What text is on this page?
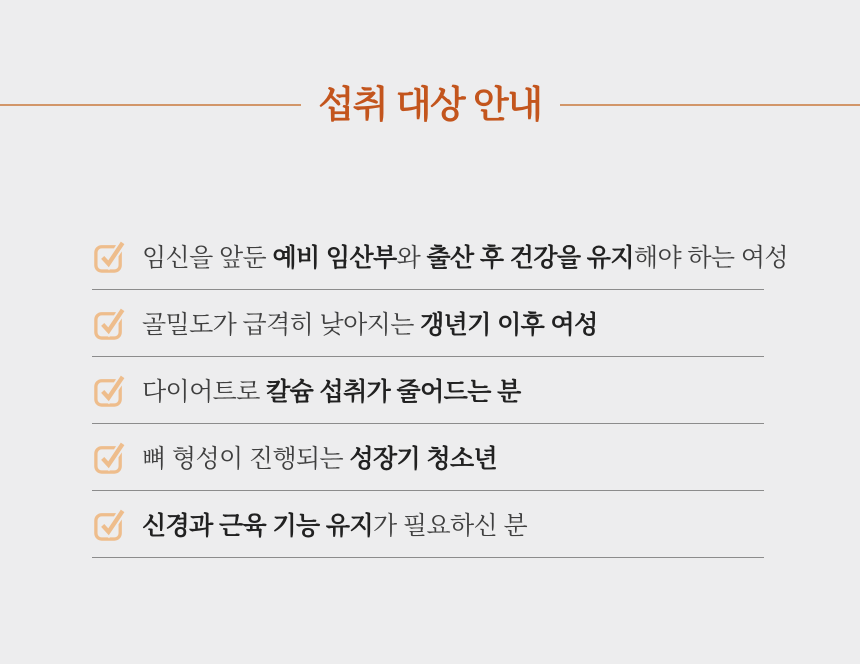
섭취 대상 안내
임신을 앞둔 예비 임산부와 출산 후 건강을 유지해야 하는 여성
골밀도가 급격히 낮아지는 갱년기 이후 여성
다이어트로 칼슘 섭취가 줄어드는 분
뼈 형성이 진행되는 성장기 청소년
신경과 근육 기능 유지가 필요하신 분
